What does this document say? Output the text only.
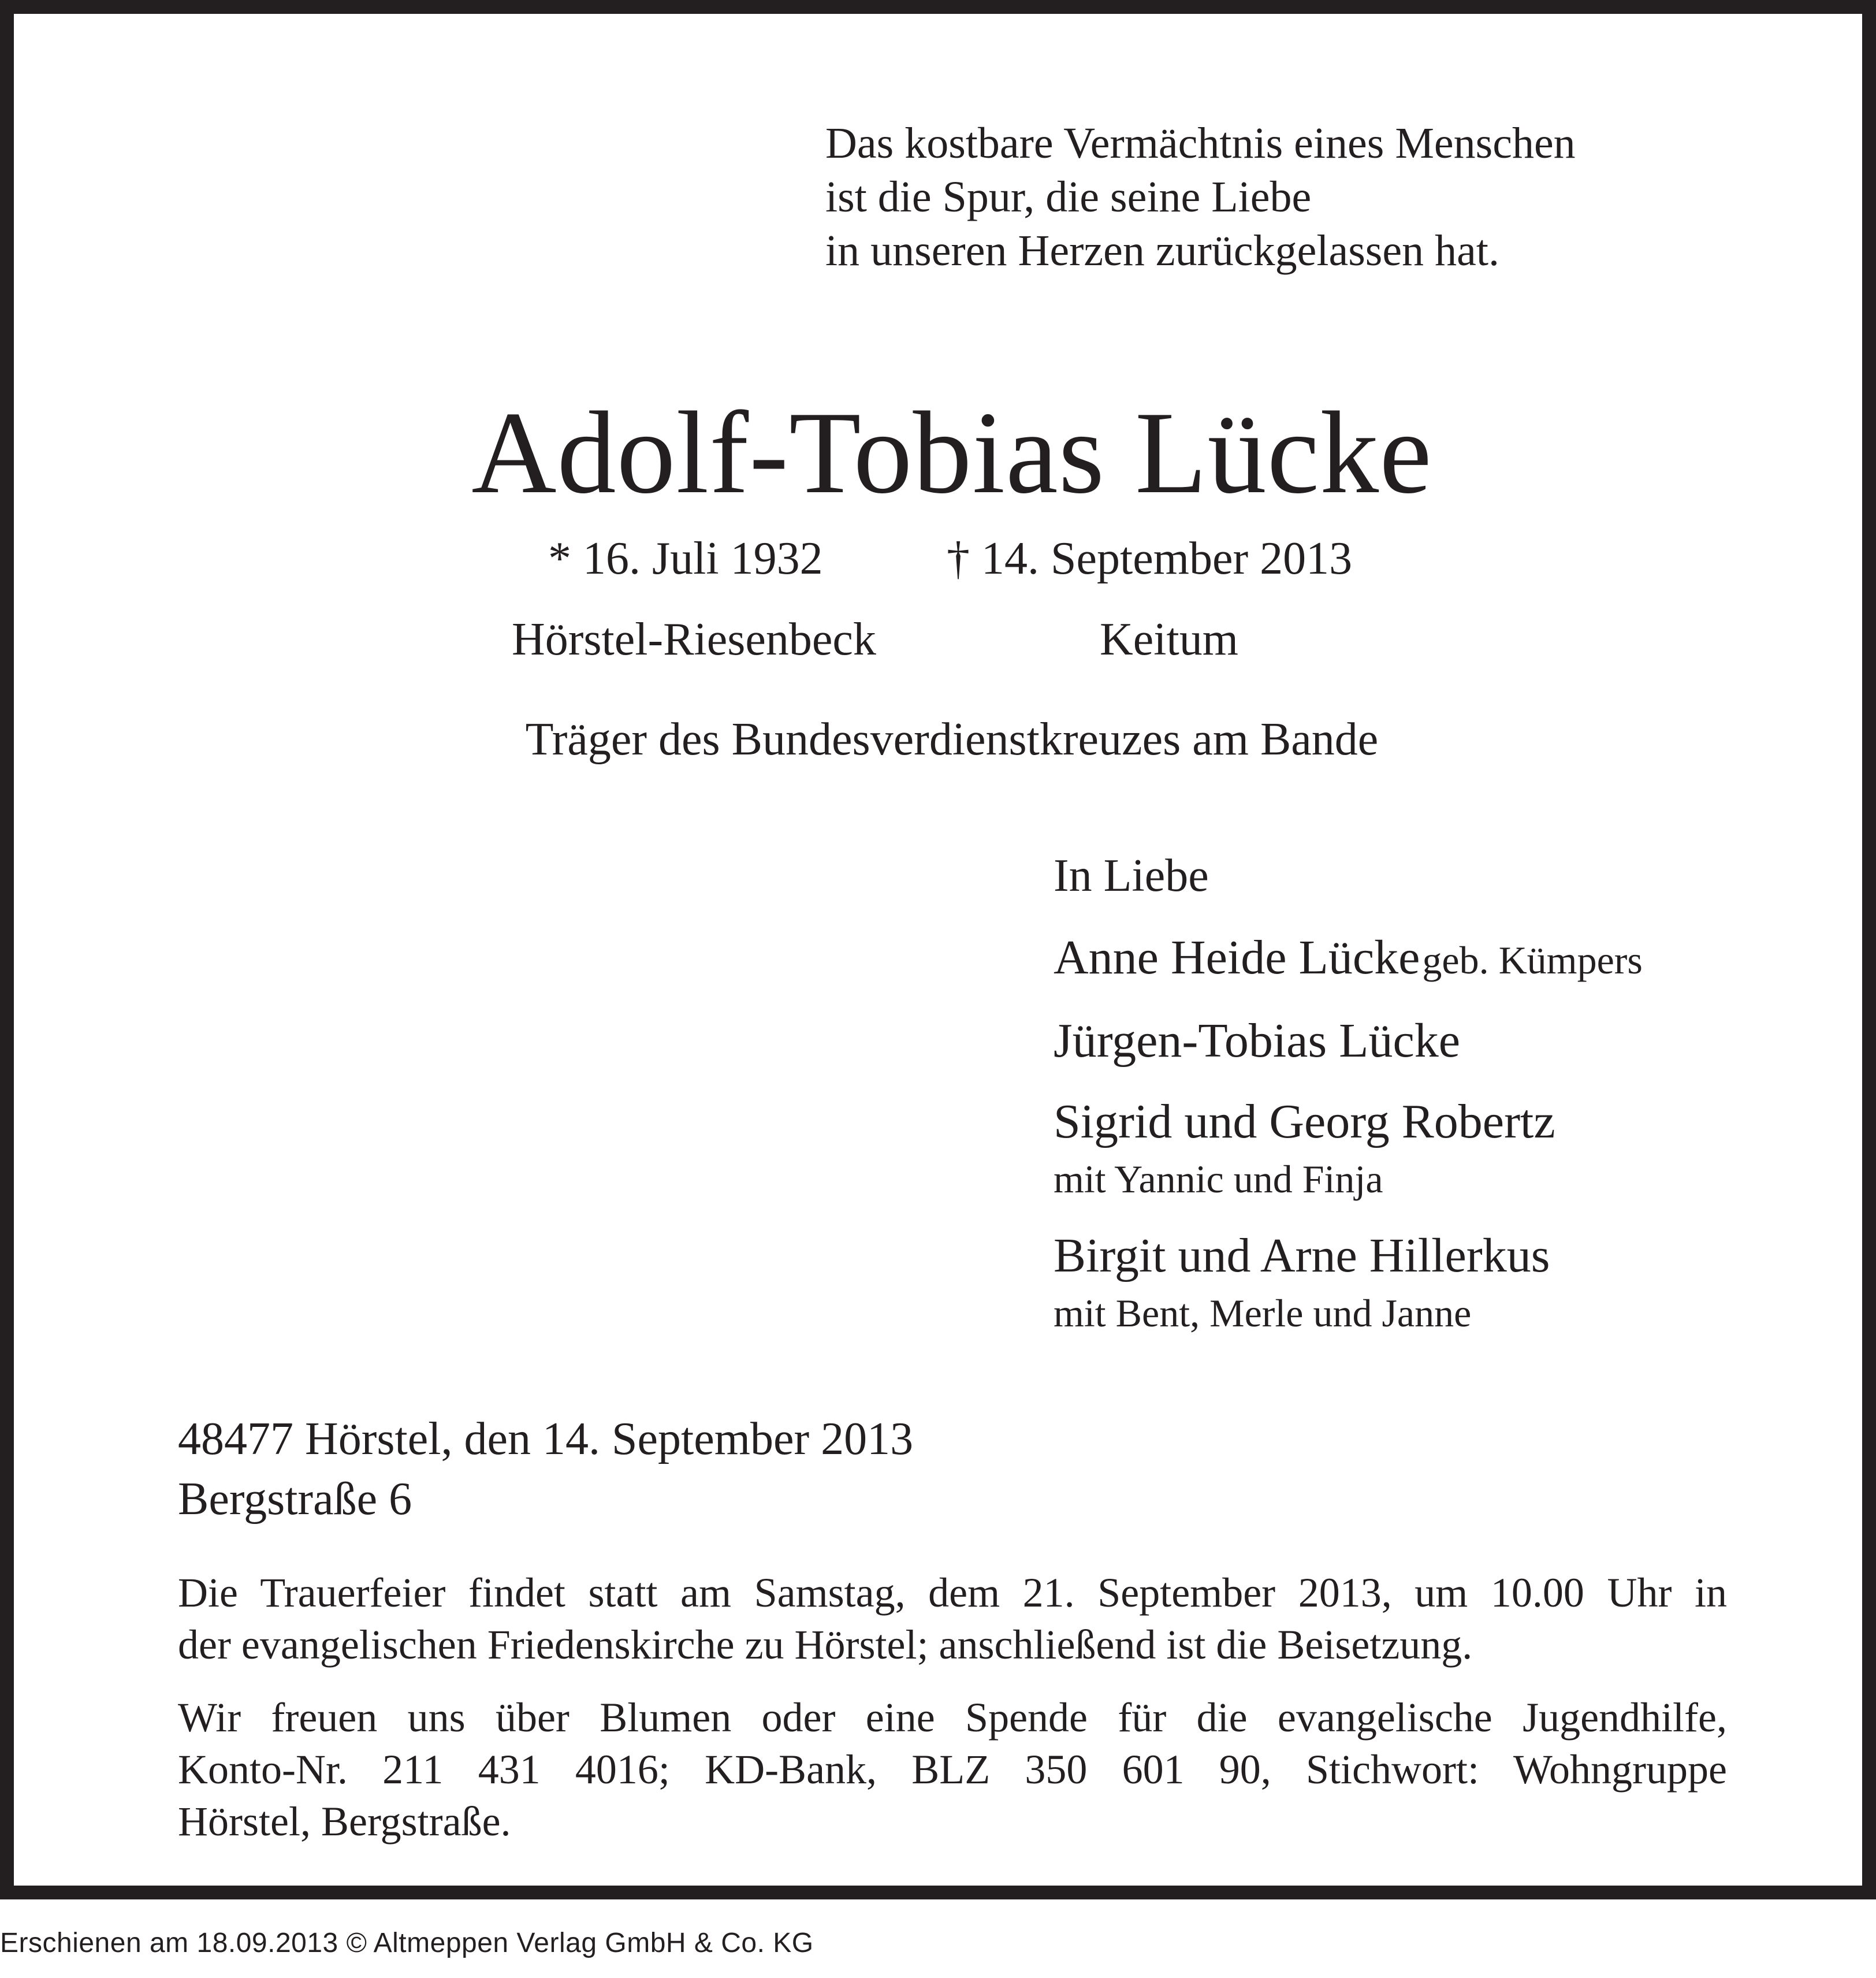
Das kostbare Vermächtnis eines Menschen
ist die Spur, die seine Liebe
in unseren Herzen zurückgelassen hat.
Adolf-Tobias Lücke
* 16. Juli 1932	† 14. September 2013
Hörstel-Riesenbeck	Keitum
Träger des Bundesverdienstkreuzes am Bande
In Liebe
Anne Heide Lücke geb. Kümpers
Jürgen-Tobias Lücke
Sigrid und Georg Robertz
mit Yannic und Finja
Birgit und Arne Hillerkus
mit Bent, Merle und Janne
48477 Hörstel, den 14. September 2013
Bergstraße 6
Die Trauerfeier findet statt am Samstag, dem 21. September 2013, um 10.00 Uhr in
der evangelischen Friedenskirche zu Hörstel; anschließend ist die Beisetzung.
Wir freuen uns über Blumen oder eine Spende für die evangelische Jugendhilfe,
Konto-Nr. 211 431 4016; KD-Bank, BLZ 350 601 90, Stichwort: Wohngruppe
Hörstel, Bergstraße.
Erschienen am 18.09.2013 © Altmeppen Verlag GmbH & Co. KG
